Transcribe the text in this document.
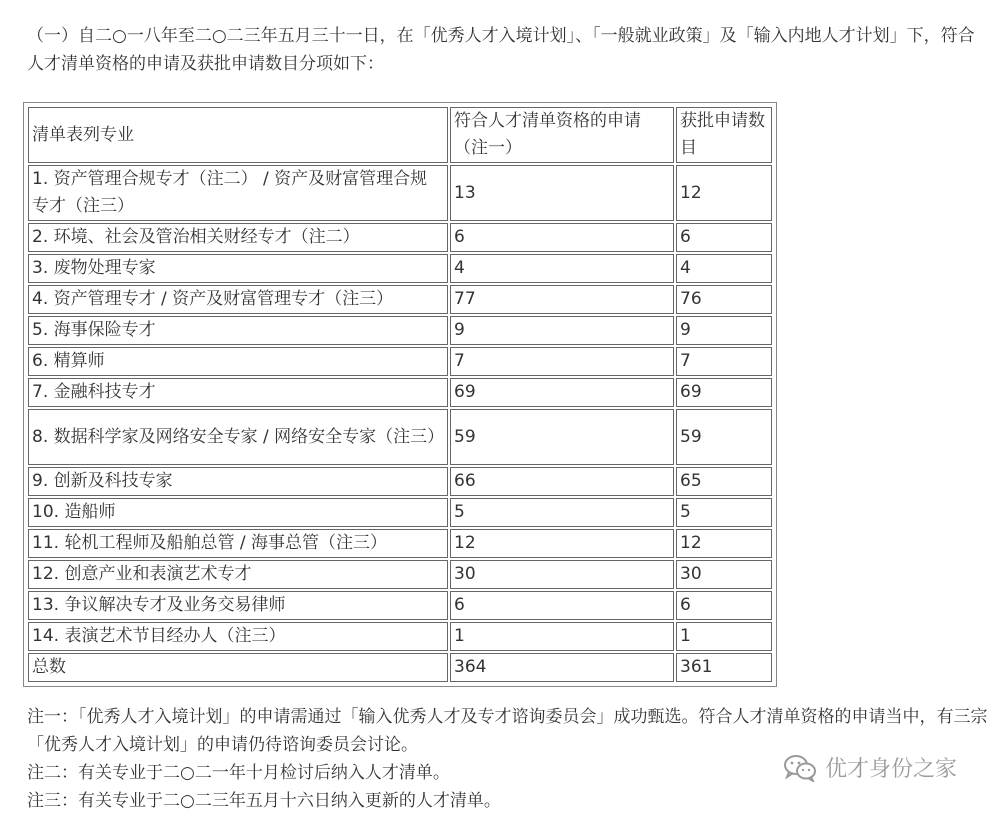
（一）自二○一八年至二○二三年五月三十一日，在「优秀人才入境计划」、「一般就业政策」及「输入内地人才计划」下，符合人才清单资格的申请及获批申请数目分项如下：

清单表列专业	符合人才清单资格的申请（注一）	获批申请数目
1. 资产管理合规专才（注二） / 资产及财富管理合规专才（注三）	13	12
2. 环境、社会及管治相关财经专才（注二）	6	6
3. 废物处理专家	4	4
4. 资产管理专才 / 资产及财富管理专才（注三）	77	76
5. 海事保险专才	9	9
6. 精算师	7	7
7. 金融科技专才	69	69
8. 数据科学家及网络安全专家 / 网络安全专家（注三）	59	59
9. 创新及科技专家	66	65
10. 造船师	5	5
11. 轮机工程师及船舶总管 / 海事总管（注三）	12	12
12. 创意产业和表演艺术专才	30	30
13. 争议解决专才及业务交易律师	6	6
14. 表演艺术节目经办人（注三）	1	1
总数	364	361

注一：「优秀人才入境计划」的申请需通过「输入优秀人才及专才谘询委员会」成功甄选。符合人才清单资格的申请当中，有三宗「优秀人才入境计划」的申请仍待谘询委员会讨论。

注二：有关专业于二○二一年十月检讨后纳入人才清单。

注三：有关专业于二○二三年五月十六日纳入更新的人才清单。

优才身份之家
